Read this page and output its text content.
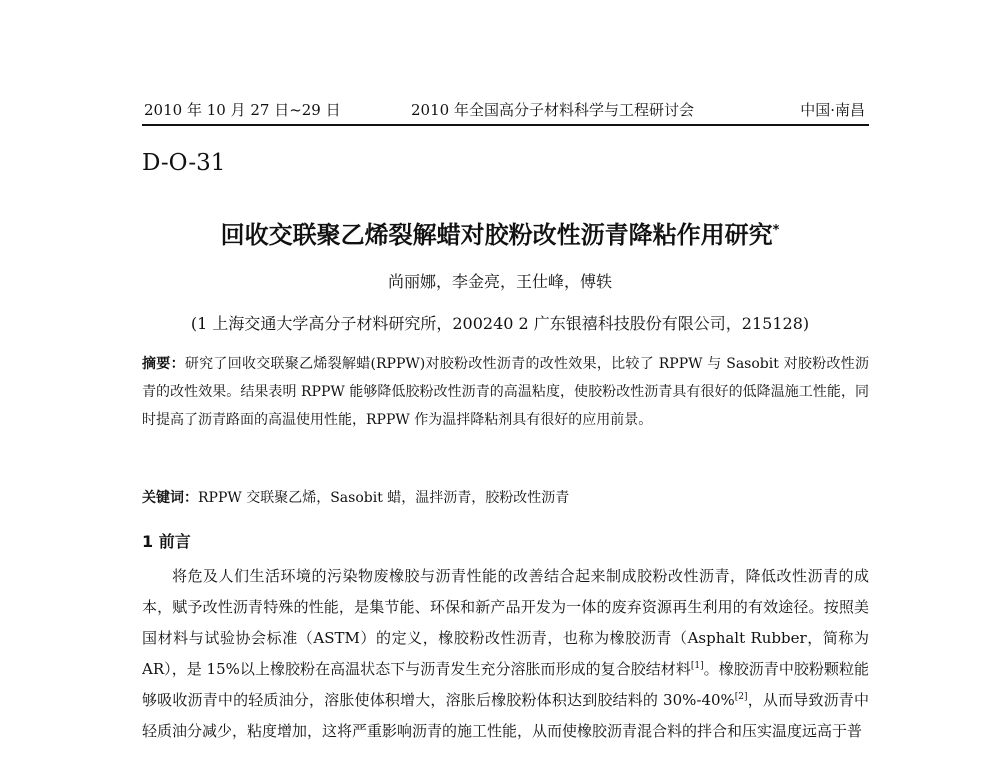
2010 年 10 月 27 日~29 日	2010 年全国高分子材料科学与工程研讨会	中国·南昌
D-O-31
回收交联聚乙烯裂解蜡对胶粉改性沥青降粘作用研究*
尚丽娜，李金亮，王仕峰，傅轶
(1 上海交通大学高分子材料研究所，200240 2 广东银禧科技股份有限公司，215128)
摘要：研究了回收交联聚乙烯裂解蜡(RPPW)对胶粉改性沥青的改性效果，比较了 RPPW 与 Sasobit 对胶粉改性沥青的改性效果。结果表明 RPPW 能够降低胶粉改性沥青的高温粘度，使胶粉改性沥青具有很好的低降温施工性能，同时提高了沥青路面的高温使用性能，RPPW 作为温拌降粘剂具有很好的应用前景。
关键词：RPPW 交联聚乙烯，Sasobit 蜡，温拌沥青，胶粉改性沥青
1 前言
将危及人们生活环境的污染物废橡胶与沥青性能的改善结合起来制成胶粉改性沥青，降低改性沥青的成本，赋予改性沥青特殊的性能，是集节能、环保和新产品开发为一体的废弃资源再生利用的有效途径。按照美国材料与试验协会标准（ASTM）的定义，橡胶粉改性沥青，也称为橡胶沥青（Asphalt Rubber，简称为 AR），是 15%以上橡胶粉在高温状态下与沥青发生充分溶胀而形成的复合胶结材料[1]。橡胶沥青中胶粉颗粒能够吸收沥青中的轻质油分，溶胀使体积增大，溶胀后橡胶粉体积达到胶结料的 30%-40%[2]，从而导致沥青中轻质油分减少，粘度增加，这将严重影响沥青的施工性能，从而使橡胶沥青混合料的拌合和压实温度远高于普
